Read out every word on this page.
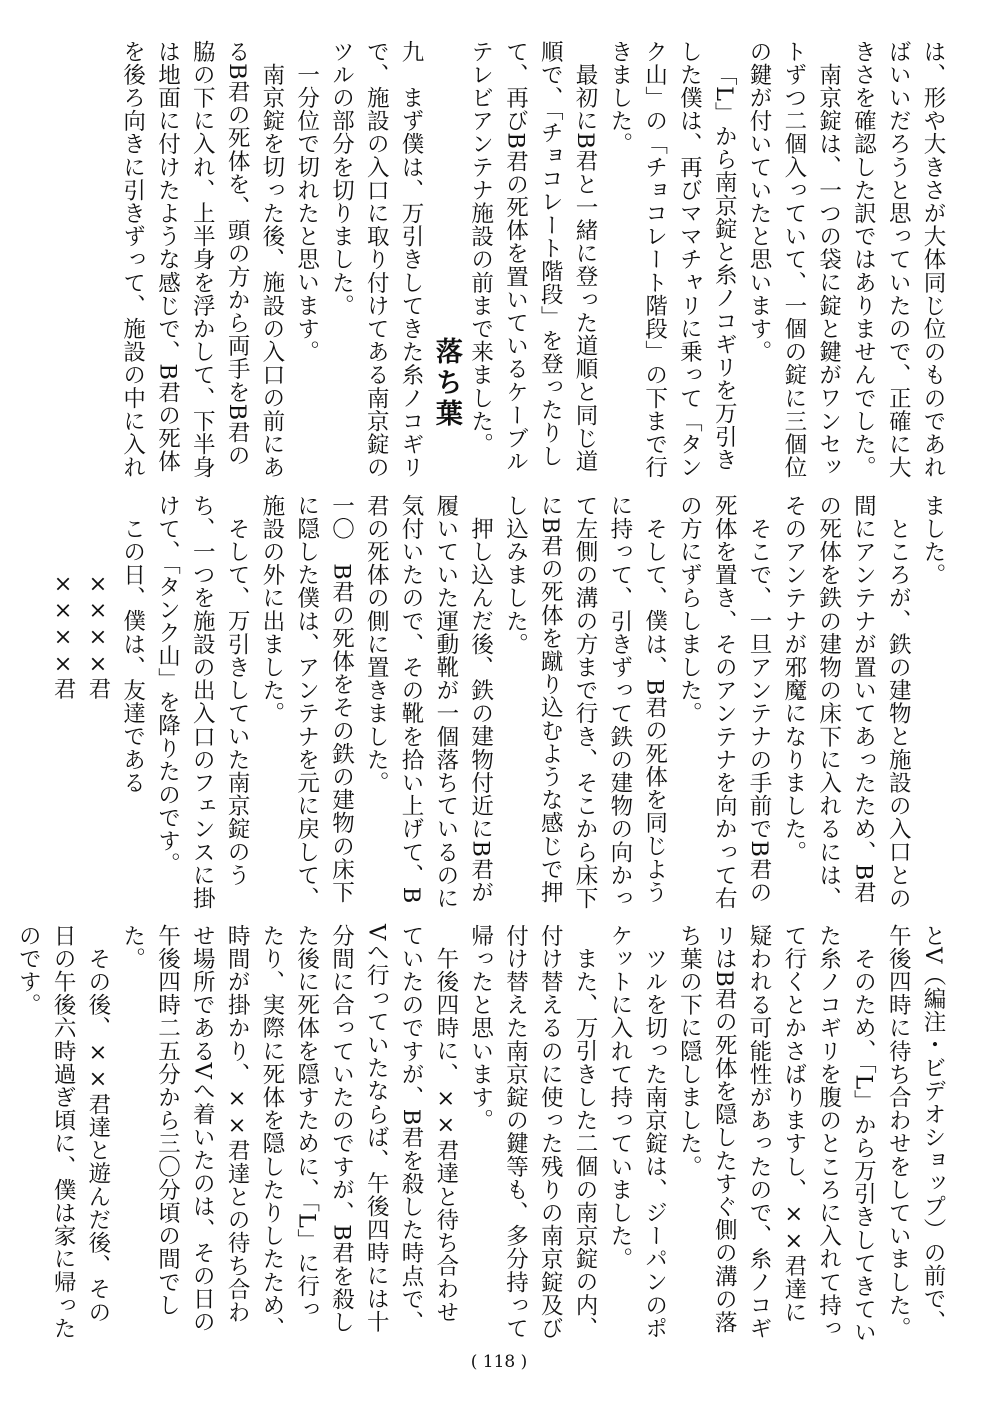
は、形や大きさが大体同じ位のものであればいいだろうと思っていたので、正確に大きさを確認した訳ではありませんでした。

南京錠は、一つの袋に錠と鍵がワンセットずつ二個入っていて、一個の錠に三個位の鍵が付いていたと思います。

「L」から南京錠と糸ノコギリを万引きした僕は、再びママチャリに乗って「タンク山」の「チョコレート階段」の下まで行きました。

最初にB君と一緒に登った道順と同じ道順で、「チョコレート階段」を登ったりして、再びB君の死体を置いているケーブルテレビアンテナ施設の前まで来ました。

落ち葉

九　まず僕は、万引きしてきた糸ノコギリで、施設の入口に取り付けてある南京錠のツルの部分を切りました。

一分位で切れたと思います。

南京錠を切った後、施設の入口の前にあるB君の死体を、頭の方から両手をB君の脇の下に入れ、上半身を浮かして、下半身は地面に付けたような感じで、B君の死体を後ろ向きに引きずって、施設の中に入れ

ました。

ところが、鉄の建物と施設の入口との間にアンテナが置いてあったため、B君の死体を鉄の建物の床下に入れるには、そのアンテナが邪魔になりました。

そこで、一旦アンテナの手前でB君の死体を置き、そのアンテナを向かって右の方にずらしました。

そして、僕は、B君の死体を同じように持って、引きずって鉄の建物の向かって左側の溝の方まで行き、そこから床下にB君の死体を蹴り込むような感じで押し込みました。

押し込んだ後、鉄の建物付近にB君が履いていた運動靴が一個落ちているのに気付いたので、その靴を拾い上げて、B君の死体の側に置きました。

一〇　B君の死体をその鉄の建物の床下に隠した僕は、アンテナを元に戻して、施設の外に出ました。

そして、万引きしていた南京錠のうち、一つを施設の出入口のフェンスに掛けて、「タンク山」を降りたのです。

この日、僕は、友達である

××××君

××××君

とV（編注・ビデオショップ）の前で、午後四時に待ち合わせをしていました。

そのため、「L」から万引きしてきていた糸ノコギリを腹のところに入れて持って行くとかさばりますし、××君達に疑われる可能性があったので、糸ノコギリはB君の死体を隠したすぐ側の溝の落ち葉の下に隠しました。

ツルを切った南京錠は、ジーパンのポケットに入れて持っていました。

また、万引きした二個の南京錠の内、付け替えるのに使った残りの南京錠及び付け替えた南京錠の鍵等も、多分持って帰ったと思います。

午後四時に、××君達と待ち合わせていたのですが、B君を殺した時点で、Vへ行っていたならば、午後四時には十分間に合っていたのですが、B君を殺した後に死体を隠すために、「L」に行ったり、実際に死体を隠したりしたため、時間が掛かり、××君達との待ち合わせ場所であるVへ着いたのは、その日の午後四時二五分から三〇分頃の間でした。

その後、××君達と遊んだ後、その日の午後六時過ぎ頃に、僕は家に帰ったのです。

( 118 )
